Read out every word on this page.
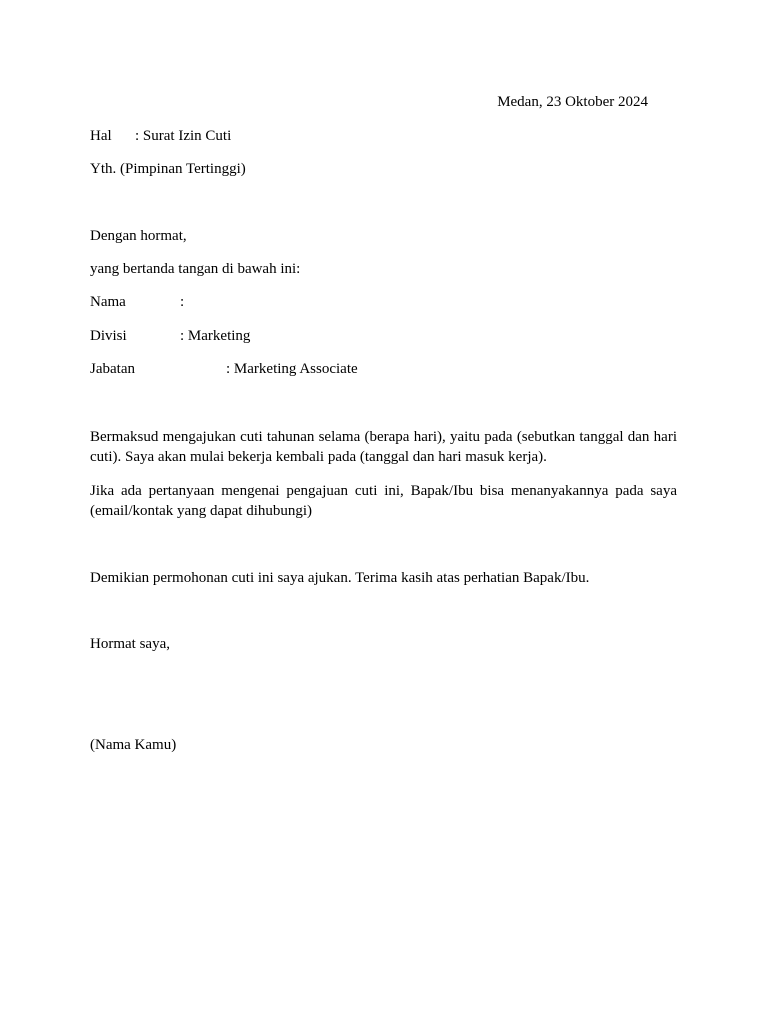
Medan, 23 Oktober 2024
Hal : Surat Izin Cuti
Yth. (Pimpinan Tertinggi)
Dengan hormat,
yang bertanda tangan di bawah ini:
Nama	:
Divisi	: Marketing
Jabatan	: Marketing Associate
Bermaksud mengajukan cuti tahunan selama (berapa hari), yaitu pada (sebutkan tanggal dan hari cuti). Saya akan mulai bekerja kembali pada (tanggal dan hari masuk kerja).
Jika ada pertanyaan mengenai pengajuan cuti ini, Bapak/Ibu bisa menanyakannya pada saya (email/kontak yang dapat dihubungi)
Demikian permohonan cuti ini saya ajukan. Terima kasih atas perhatian Bapak/Ibu.
Hormat saya,
(Nama Kamu)
